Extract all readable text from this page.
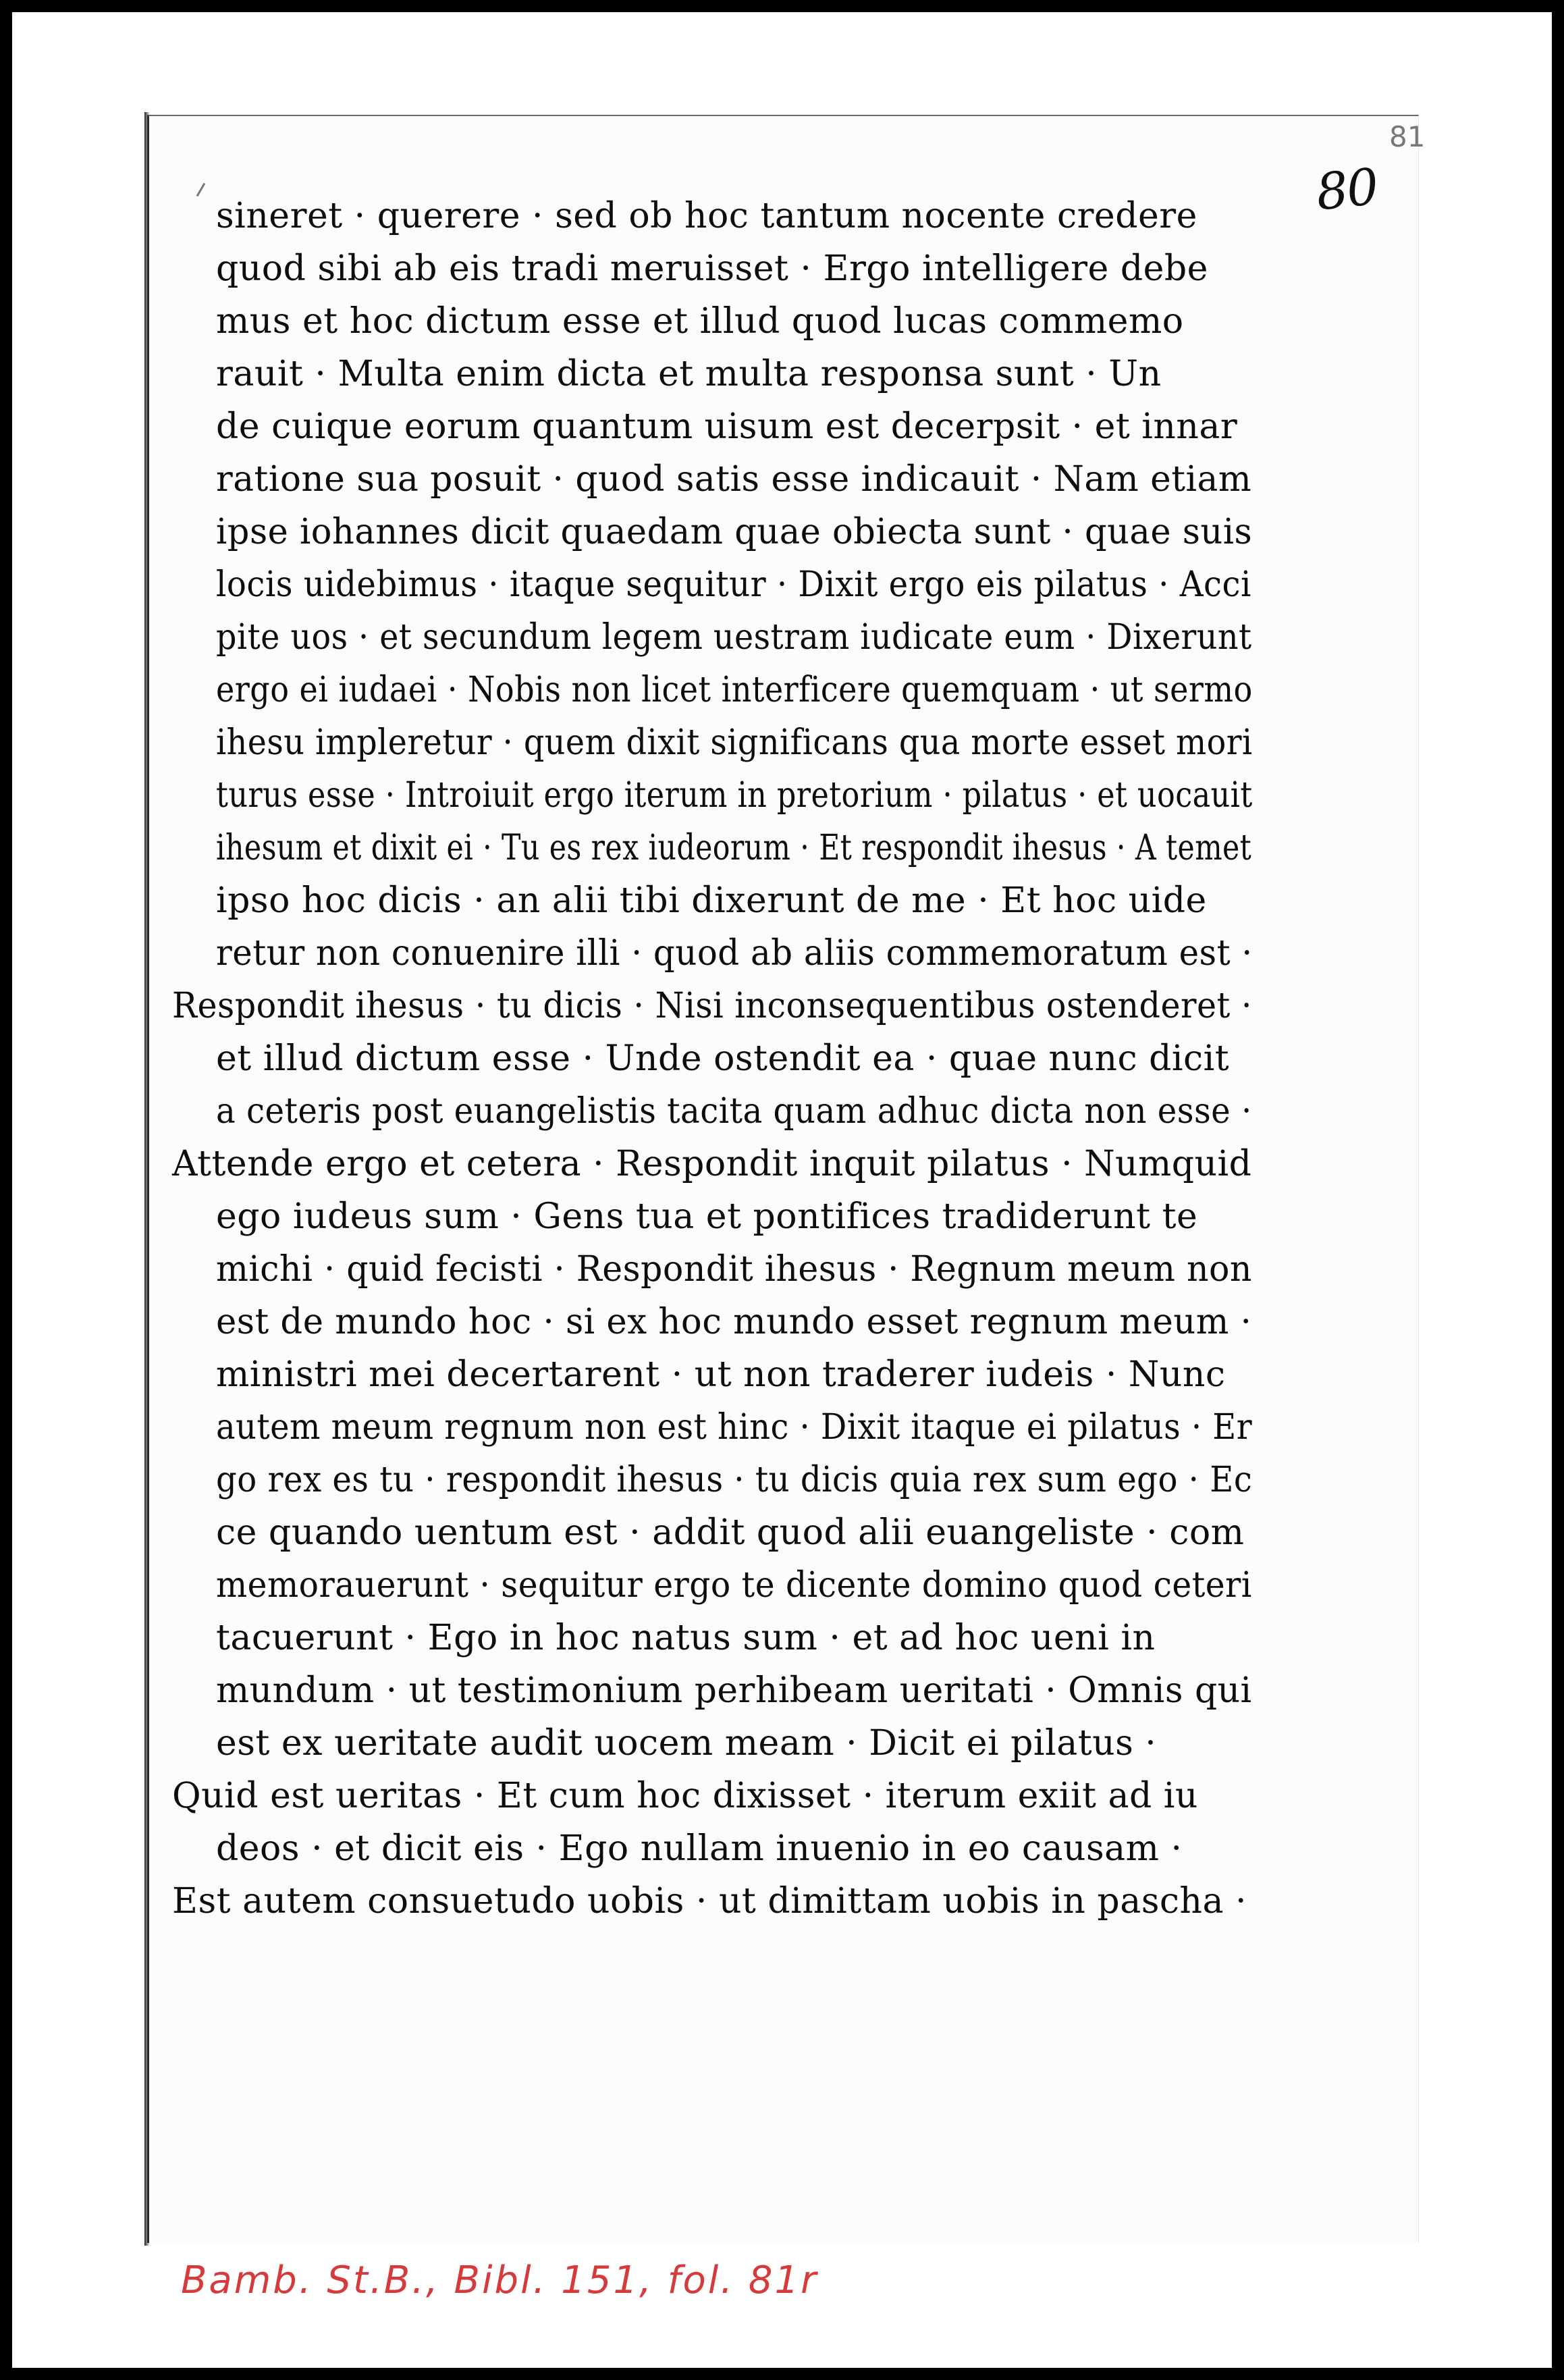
81
80
sineret · querere · sed ob hoc tantum nocente credere
quod sibi ab eis tradi meruisset · Ergo intelligere debe
mus et hoc dictum esse et illud quod lucas commemo
rauit · Multa enim dicta et multa responsa sunt · Un
de cuique eorum quantum uisum est decerpsit · et innar
ratione sua posuit · quod satis esse indicauit · Nam etiam
ipse iohannes dicit quaedam quae obiecta sunt · quae suis
locis uidebimus · itaque sequitur · Dixit ergo eis pilatus · Acci
pite uos · et secundum legem uestram iudicate eum · Dixerunt
ergo ei iudaei · Nobis non licet interficere quemquam · ut sermo
ihesu impleretur · quem dixit significans qua morte esset mori
turus esse · Introiuit ergo iterum in pretorium · pilatus · et uocauit
ihesum et dixit ei · Tu es rex iudeorum · Et respondit ihesus · A temet
ipso hoc dicis · an alii tibi dixerunt de me · Et hoc uide
retur non conuenire illi · quod ab aliis commemoratum est ·
Respondit ihesus · tu dicis · Nisi inconsequentibus ostenderet ·
et illud dictum esse · Unde ostendit ea · quae nunc dicit
a ceteris post euangelistis tacita quam adhuc dicta non esse ·
Attende ergo et cetera · Respondit inquit pilatus · Numquid
ego iudeus sum · Gens tua et pontifices tradiderunt te
michi · quid fecisti · Respondit ihesus · Regnum meum non
est de mundo hoc · si ex hoc mundo esset regnum meum ·
ministri mei decertarent · ut non traderer iudeis · Nunc
autem meum regnum non est hinc · Dixit itaque ei pilatus · Er
go rex es tu · respondit ihesus · tu dicis quia rex sum ego · Ec
ce quando uentum est · addit quod alii euangeliste · com
memorauerunt · sequitur ergo te dicente domino quod ceteri
tacuerunt · Ego in hoc natus sum · et ad hoc ueni in
mundum · ut testimonium perhibeam ueritati · Omnis qui
est ex ueritate audit uocem meam · Dicit ei pilatus ·
Quid est ueritas · Et cum hoc dixisset · iterum exiit ad iu
deos · et dicit eis · Ego nullam inuenio in eo causam ·
Est autem consuetudo uobis · ut dimittam uobis in pascha ·
Bamb. St.B., Bibl. 151, fol. 81r
